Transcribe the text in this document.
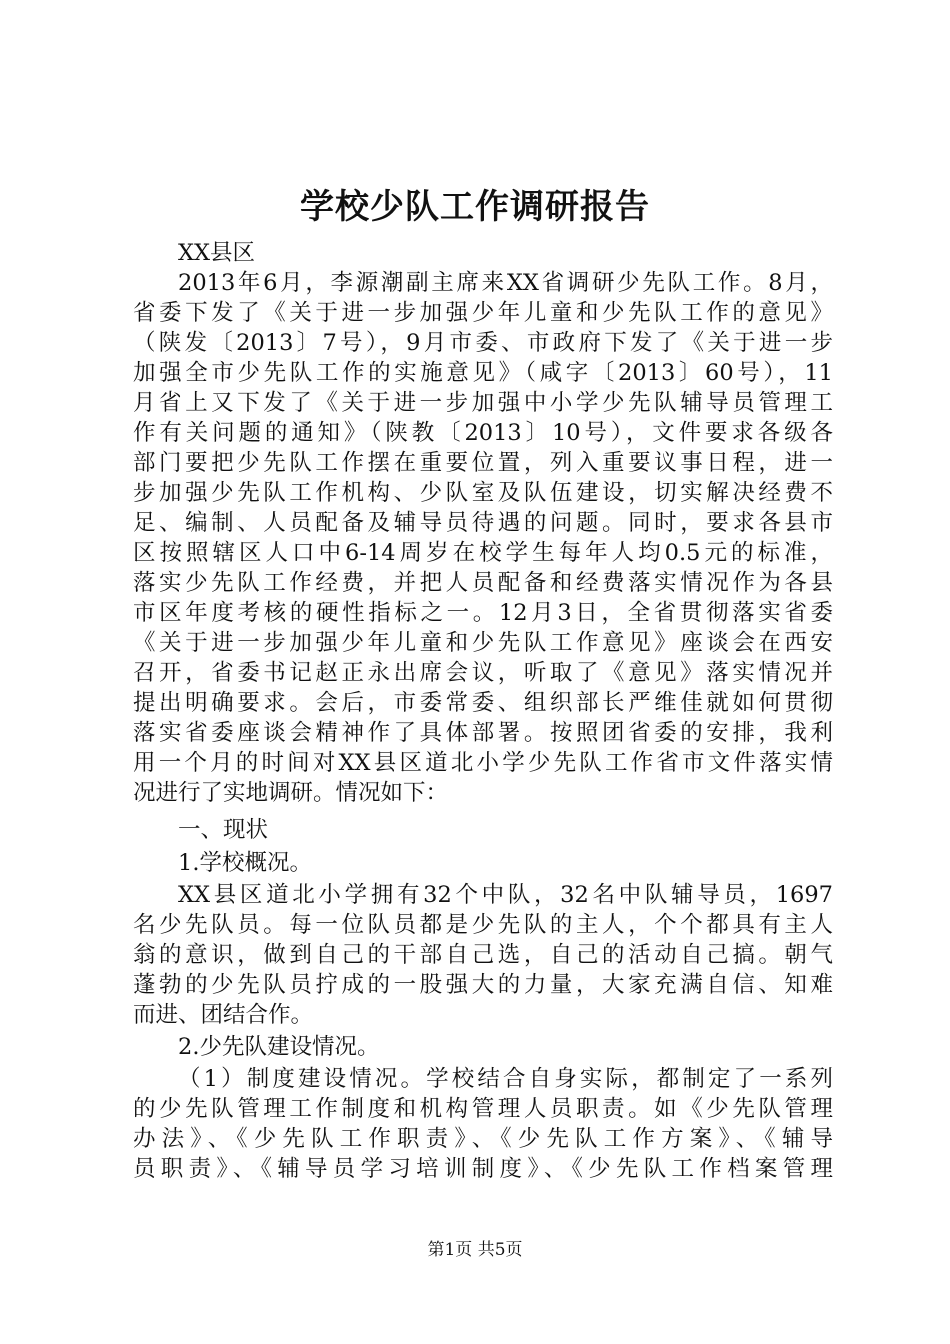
学校少队工作调研报告

XX县区

2013年6月，李源潮副主席来XX省调研少先队工作。8月，

省委下发了《关于进一步加强少年儿童和少先队工作的意见》

（陕发〔2013〕7号），9月市委、市政府下发了《关于进一步

加强全市少先队工作的实施意见》（咸字〔2013〕60号），11

月省上又下发了《关于进一步加强中小学少先队辅导员管理工

作有关问题的通知》（陕教〔2013〕10号），文件要求各级各

部门要把少先队工作摆在重要位置，列入重要议事日程，进一

步加强少先队工作机构、少队室及队伍建设，切实解决经费不

足、编制、人员配备及辅导员待遇的问题。同时，要求各县市

区按照辖区人口中6-14周岁在校学生每年人均0.5元的标准，

落实少先队工作经费，并把人员配备和经费落实情况作为各县

市区年度考核的硬性指标之一。12月3日，全省贯彻落实省委

《关于进一步加强少年儿童和少先队工作意见》座谈会在西安

召开，省委书记赵正永出席会议，听取了《意见》落实情况并

提出明确要求。会后，市委常委、组织部长严维佳就如何贯彻

落实省委座谈会精神作了具体部署。按照团省委的安排，我利

用一个月的时间对XX县区道北小学少先队工作省市文件落实情

况进行了实地调研。情况如下：

一、现状

1.学校概况。

XX县区道北小学拥有32个中队，32名中队辅导员，1697

名少先队员。每一位队员都是少先队的主人，个个都具有主人

翁的意识，做到自己的干部自己选，自己的活动自己搞。朝气

蓬勃的少先队员拧成的一股强大的力量，大家充满自信、知难

而进、团结合作。

2.少先队建设情况。

（1）制度建设情况。学校结合自身实际，都制定了一系列

的少先队管理工作制度和机构管理人员职责。如《少先队管理

办法》、《少先队工作职责》、《少先队工作方案》、《辅导

员职责》、《辅导员学习培训制度》、《少先队工作档案管理

第1页 共5页
